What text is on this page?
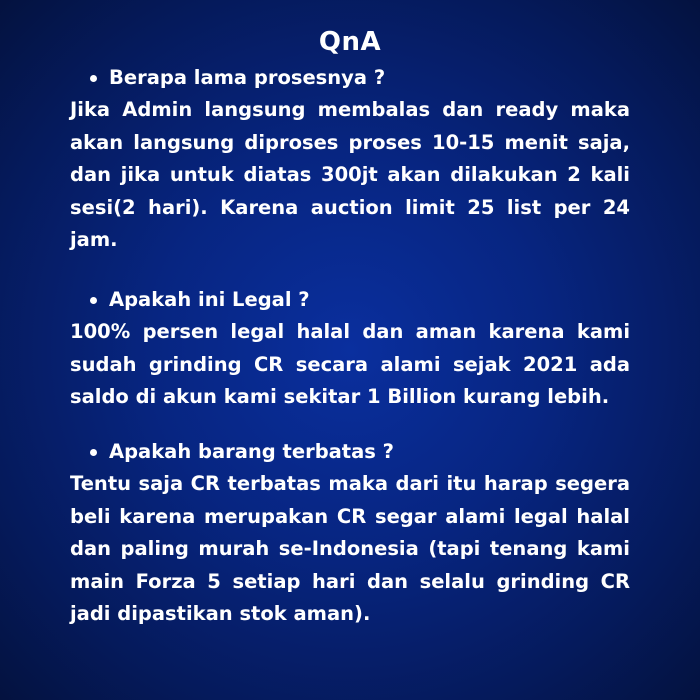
QnA
Berapa lama prosesnya ?
Jika Admin langsung membalas dan ready maka akan langsung diproses proses 10-15 menit saja, dan jika untuk diatas 300jt akan dilakukan 2 kali sesi(2 hari). Karena auction limit 25 list per 24 jam.
Apakah ini Legal ?
100% persen legal halal dan aman karena kami sudah grinding CR secara alami sejak 2021 ada saldo di akun kami sekitar 1 Billion kurang lebih.
Apakah barang terbatas ?
Tentu saja CR terbatas maka dari itu harap segera beli karena merupakan CR segar alami legal halal dan paling murah se-Indonesia (tapi tenang kami main Forza 5 setiap hari dan selalu grinding CR jadi dipastikan stok aman).
